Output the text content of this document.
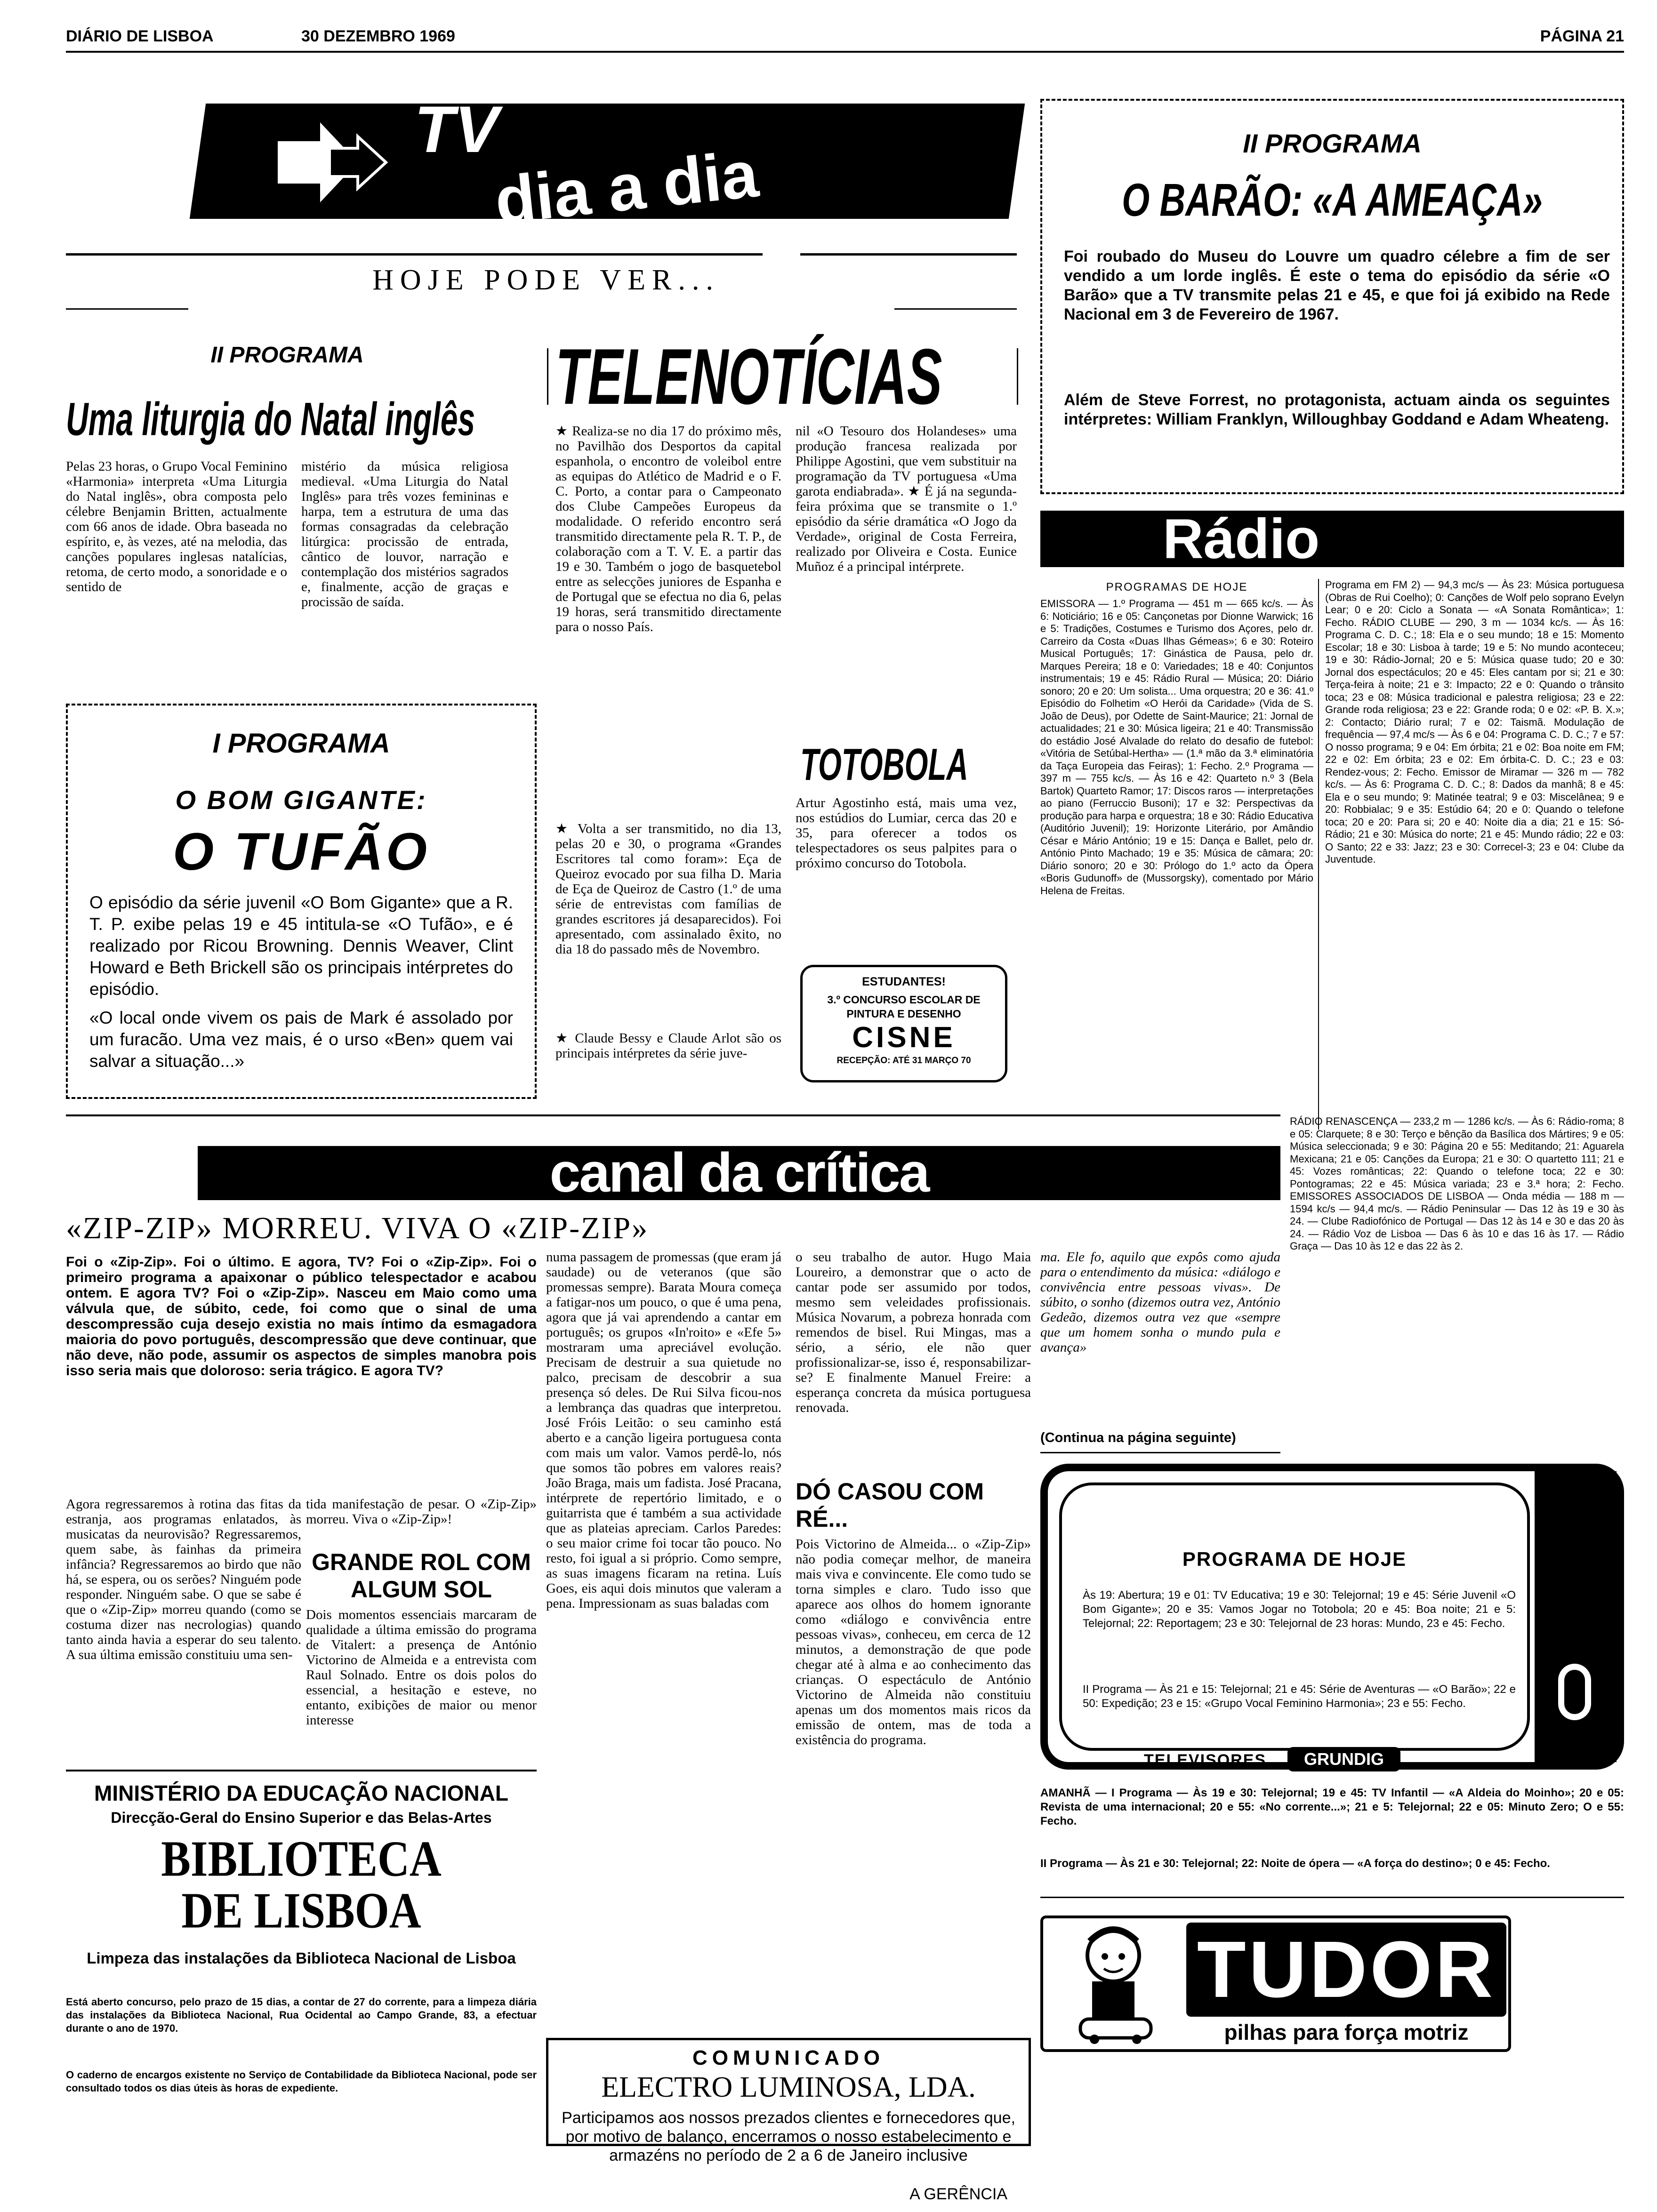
DIÁRIO DE LISBOA	30 DEZEMBRO 1969	PÁGINA 21
TV
dia a dia
HOJE PODE VER...
II PROGRAMA
Uma liturgia do Natal inglês
Pelas 23 horas, o Grupo Vocal Feminino «Harmonia» interpreta «Uma Liturgia do Natal inglês», obra composta pelo célebre Benjamin Britten, actualmente com 66 anos de idade. Obra baseada no espírito, e, às vezes, até na melodia, das canções populares inglesas natalícias, retoma, de certo modo, a sonoridade e o sentido de
mistério da música religiosa medieval. «Uma Liturgia do Natal Inglês» para três vozes femininas e harpa, tem a estrutura de uma das formas consagradas da celebração litúrgica: procissão de entrada, cântico de louvor, narração e contemplação dos mistérios sagrados e, finalmente, acção de graças e procissão de saída.
I PROGRAMA
O BOM GIGANTE:
O TUFÃO
O episódio da série juvenil «O Bom Gigante» que a R. T. P. exibe pelas 19 e 45 intitula-se «O Tufão», e é realizado por Ricou Browning. Dennis Weaver, Clint Howard e Beth Brickell são os principais intérpretes do episódio.
«O local onde vivem os pais de Mark é assolado por um furacão. Uma vez mais, é o urso «Ben» quem vai salvar a situação...»
TELENOTÍCIAS
★ Realiza-se no dia 17 do próximo mês, no Pavilhão dos Desportos da capital espanhola, o encontro de voleibol entre as equipas do Atlético de Madrid e o F. C. Porto, a contar para o Campeonato dos Clube Campeões Europeus da modalidade. O referido encontro será transmitido directamente pela R. T. P., de colaboração com a T. V. E. a partir das 19 e 30. Também o jogo de basquetebol entre as selecções juniores de Espanha e de Portugal que se efectua no dia 6, pelas 19 horas, será transmitido directamente para o nosso País.
★ Volta a ser transmitido, no dia 13, pelas 20 e 30, o programa «Grandes Escritores tal como foram»: Eça de Queiroz evocado por sua filha D. Maria de Eça de Queiroz de Castro (1.º de uma série de entrevistas com famílias de grandes escritores já desaparecidos). Foi apresentado, com assinalado êxito, no dia 18 do passado mês de Novembro.
★ Claude Bessy e Claude Arlot são os principais intérpretes da série juve-
nil «O Tesouro dos Holandeses» uma produção francesa realizada por Philippe Agostini, que vem substituir na programação da TV portuguesa «Uma garota endiabrada». ★ É já na segunda-feira próxima que se transmite o 1.º episódio da série dramática «O Jogo da Verdade», original de Costa Ferreira, realizado por Oliveira e Costa. Eunice Muñoz é a principal intérprete.
TOTOBOLA
Artur Agostinho está, mais uma vez, nos estúdios do Lumiar, cerca das 20 e 35, para oferecer a todos os telespectadores os seus palpites para o próximo concurso do Totobola.
ESTUDANTES!
3.º CONCURSO ESCOLAR DE PINTURA E DESENHO
CISNE
RECEPÇÃO: ATÉ 31 MARÇO 70
II PROGRAMA
O BARÃO: «A AMEAÇA»
Foi roubado do Museu do Louvre um quadro célebre a fim de ser vendido a um lorde inglês. É este o tema do episódio da série «O Barão» que a TV transmite pelas 21 e 45, e que foi já exibido na Rede Nacional em 3 de Fevereiro de 1967.
Além de Steve Forrest, no protagonista, actuam ainda os seguintes intérpretes: William Franklyn, Willoughbay Goddand e Adam Wheateng.
Rádio
PROGRAMAS DE HOJE
EMISSORA — 1.º Programa — 451 m — 665 kc/s. — Às 6: Noticiário; 16 e 05: Cançonetas por Dionne Warwick; 16 e 5: Tradições, Costumes e Turismo dos Açores, pelo dr. Carreiro da Costa «Duas Ilhas Gémeas»; 6 e 30: Roteiro Musical Português; 17: Ginástica de Pausa, pelo dr. Marques Pereira; 18 e 0: Variedades; 18 e 40: Conjuntos instrumentais; 19 e 45: Rádio Rural — Música; 20: Diário sonoro; 20 e 20: Um solista... Uma orquestra; 20 e 36: 41.º Episódio do Folhetim «O Herói da Caridade» (Vida de S. João de Deus), por Odette de Saint-Maurice; 21: Jornal de actualidades; 21 e 30: Música ligeira; 21 e 40: Transmissão do estádio José Alvalade do relato do desafio de futebol: «Vitória de Setúbal-Hertha» — (1.ª mão da 3.ª eliminatória da Taça Europeia das Feiras); 1: Fecho. 2.º Programa — 397 m — 755 kc/s. — Às 16 e 42: Quarteto n.º 3 (Bela Bartok) Quarteto Ramor; 17: Discos raros — interpretações ao piano (Ferruccio Busoni); 17 e 32: Perspectivas da produção para harpa e orquestra; 18 e 30: Rádio Educativa (Auditório Juvenil); 19: Horizonte Literário, por Amândio César e Mário António; 19 e 15: Dança e Ballet, pelo dr. António Pinto Machado; 19 e 35: Música de câmara; 20: Diário sonoro; 20 e 30: Prólogo do 1.º acto da Ópera «Boris Gudunoff» de (Mussorgsky), comentado por Mário Helena de Freitas.
Programa em FM 2) — 94,3 mc/s — Às 23: Música portuguesa (Obras de Rui Coelho); 0: Canções de Wolf pelo soprano Evelyn Lear; 0 e 20: Ciclo a Sonata — «A Sonata Romântica»; 1: Fecho. RÁDIO CLUBE — 290, 3 m — 1034 kc/s. — Às 16: Programa C. D. C.; 18: Ela e o seu mundo; 18 e 15: Momento Escolar; 18 e 30: Lisboa à tarde; 19 e 5: No mundo aconteceu; 19 e 30: Rádio-Jornal; 20 e 5: Música quase tudo; 20 e 30: Jornal dos espectáculos; 20 e 45: Eles cantam por si; 21 e 30: Terça-feira à noite; 21 e 3: Impacto; 22 e 0: Quando o trânsito toca; 23 e 08: Música tradicional e palestra religiosa; 23 e 22: Grande roda religiosa; 23 e 22: Grande roda; 0 e 02: «P. B. X.»; 2: Contacto; Diário rural; 7 e 02: Taismã. Modulação de frequência — 97,4 mc/s — Às 6 e 04: Programa C. D. C.; 7 e 57: O nosso programa; 9 e 04: Em órbita; 21 e 02: Boa noite em FM; 22 e 02: Em órbita; 23 e 02: Em órbita-C. D. C.; 23 e 03: Rendez-vous; 2: Fecho. Emissor de Miramar — 326 m — 782 kc/s. — Às 6: Programa C. D. C.; 8: Dados da manhã; 8 e 45: Ela e o seu mundo; 9: Matinée teatral; 9 e 03: Miscelânea; 9 e 20: Robbialac; 9 e 35: Estúdio 64; 20 e 0: Quando o telefone toca; 20 e 20: Para si; 20 e 40: Noite dia a dia; 21 e 15: Só-Rádio; 21 e 30: Música do norte; 21 e 45: Mundo rádio; 22 e 03: O Santo; 22 e 33: Jazz; 23 e 30: Correcel-3; 23 e 04: Clube da Juventude.
RÁDIO RENASCENÇA — 233,2 m — 1286 kc/s. — Às 6: Rádio-roma; 8 e 05: Clarquete; 8 e 30: Terço e bênção da Basílica dos Mártires; 9 e 05: Música seleccionada; 9 e 30: Página 20 e 55: Meditando; 21: Aguarela Mexicana; 21 e 05: Canções da Europa; 21 e 30: O quartetto 111; 21 e 45: Vozes românticas; 22: Quando o telefone toca; 22 e 30: Pontogramas; 22 e 45: Música variada; 23 e 3.ª hora; 2: Fecho. EMISSORES ASSOCIADOS DE LISBOA — Onda média — 188 m — 1594 kc/s — 94,4 mc/s. — Rádio Peninsular — Das 12 às 19 e 30 às 24. — Clube Radiofónico de Portugal — Das 12 às 14 e 30 e das 20 às 24. — Rádio Voz de Lisboa — Das 6 às 10 e das 16 às 17. — Rádio Graça — Das 10 às 12 e das 22 às 2.
canal da crítica
«ZIP-ZIP» MORREU. VIVA O «ZIP-ZIP»
Foi o «Zip-Zip». Foi o último. E agora, TV? Foi o «Zip-Zip». Foi o primeiro programa a apaixonar o público telespectador e acabou ontem. E agora TV? Foi o «Zip-Zip». Nasceu em Maio como uma válvula que, de súbito, cede, foi como que o sinal de uma descompressão cuja desejo existia no mais íntimo da esmagadora maioria do povo português, descompressão que deve continuar, que não deve, não pode, assumir os aspectos de simples manobra pois isso seria mais que doloroso: seria trágico. E agora TV?
Agora regressaremos à rotina das fitas da estranja, aos programas enlatados, às musicatas da neurovisão? Regressaremos, quem sabe, às fainhas da primeira infância? Regressaremos ao birdo que não há, se espera, ou os serões? Ninguém pode responder. Ninguém sabe. O que se sabe é que o «Zip-Zip» morreu quando (como se costuma dizer nas necrologias) quando tanto ainda havia a esperar do seu talento. A sua última emissão constituiu uma sen-
tida manifestação de pesar. O «Zip-Zip» morreu. Viva o «Zip-Zip»!
GRANDE ROL COM ALGUM SOL
Dois momentos essenciais marcaram de qualidade a última emissão do programa de Vitalert: a presença de António Victorino de Almeida e a entrevista com Raul Solnado. Entre os dois polos do essencial, a hesitação e esteve, no entanto, exibições de maior ou menor interesse
numa passagem de promessas (que eram já saudade) ou de veteranos (que são promessas sempre). Barata Moura começa a fatigar-nos um pouco, o que é uma pena, agora que já vai aprendendo a cantar em português; os grupos «In'roito» e «Efe 5» mostraram uma apreciável evolução. Precisam de destruir a sua quietude no palco, precisam de descobrir a sua presença só deles. De Rui Silva ficou-nos a lembrança das quadras que interpretou. José Fróis Leitão: o seu caminho está aberto e a canção ligeira portuguesa conta com mais um valor. Vamos perdê-lo, nós que somos tão pobres em valores reais? João Braga, mais um fadista. José Pracana, intérprete de repertório limitado, e o guitarrista que é também a sua actividade que as plateias apreciam. Carlos Paredes: o seu maior crime foi tocar tão pouco. No resto, foi igual a si próprio. Como sempre, as suas imagens ficaram na retina. Luís Goes, eis aqui dois minutos que valeram a pena. Impressionam as suas baladas com
o seu trabalho de autor. Hugo Maia Loureiro, a demonstrar que o acto de cantar pode ser assumido por todos, mesmo sem veleidades profissionais. Música Novarum, a pobreza honrada com remendos de bisel. Rui Mingas, mas a sério, a sério, ele não quer profissionalizar-se, isso é, responsabilizar-se? E finalmente Manuel Freire: a esperança concreta da música portuguesa renovada.
DÓ CASOU COM RÉ...
Pois Victorino de Almeida... o «Zip-Zip» não podia começar melhor, de maneira mais viva e convincente. Ele como tudo se torna simples e claro. Tudo isso que aparece aos olhos do homem ignorante como «diálogo e convivência entre pessoas vivas», conheceu, em cerca de 12 minutos, a demonstração de que pode chegar até à alma e ao conhecimento das crianças. O espectáculo de António Victorino de Almeida não constituiu apenas um dos momentos mais ricos da emissão de ontem, mas de toda a existência do programa.
ma. Ele fo, aquilo que expôs como ajuda para o entendimento da música: «diálogo e convivência entre pessoas vivas». De súbito, o sonho (dizemos outra vez, António Gedeão, dizemos outra vez que «sempre que um homem sonha o mundo pula e avança»
(Continua na página seguinte)
MINISTÉRIO DA EDUCAÇÃO NACIONAL
Direcção-Geral do Ensino Superior e das Belas-Artes
BIBLIOTECA
DE LISBOA
Limpeza das instalações da Biblioteca Nacional de Lisboa
Está aberto concurso, pelo prazo de 15 dias, a contar de 27 do corrente, para a limpeza diária das instalações da Biblioteca Nacional, Rua Ocidental ao Campo Grande, 83, a efectuar durante o ano de 1970.
O caderno de encargos existente no Serviço de Contabilidade da Biblioteca Nacional, pode ser consultado todos os dias úteis às horas de expediente.
COMUNICADO
ELECTRO LUMINOSA, LDA.
Participamos aos nossos prezados clientes e fornecedores que, por motivo de balanço, encerramos o nosso estabelecimento e armazéns no período de 2 a 6 de Janeiro inclusive
A GERÊNCIA
PROGRAMA DE HOJE
Às 19: Abertura; 19 e 01: TV Educativa; 19 e 30: Telejornal; 19 e 45: Série Juvenil «O Bom Gigante»; 20 e 35: Vamos Jogar no Totobola; 20 e 45: Boa noite; 21 e 5: Telejornal; 22: Reportagem; 23 e 30: Telejornal de 23 horas: Mundo, 23 e 45: Fecho.
II Programa — Às 21 e 15: Telejornal; 21 e 45: Série de Aventuras — «O Barão»; 22 e 50: Expedição; 23 e 15: «Grupo Vocal Feminino Harmonia»; 23 e 55: Fecho.
TELEVISORES	GRUNDIG
AMANHÃ — I Programa — Às 19 e 30: Telejornal; 19 e 45: TV Infantil — «A Aldeia do Moinho»; 20 e 05: Revista de uma internacional; 20 e 55: «No corrente...»; 21 e 5: Telejornal; 22 e 05: Minuto Zero; O e 55: Fecho.
II Programa — Às 21 e 30: Telejornal; 22: Noite de ópera — «A força do destino»; 0 e 45: Fecho.
TUDOR
pilhas para força motriz
